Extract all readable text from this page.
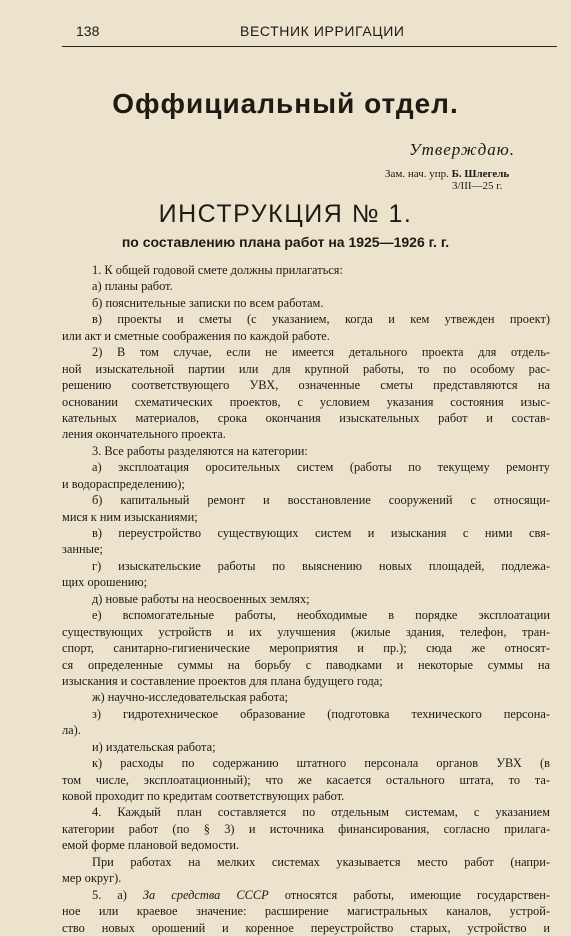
138	ВЕСТНИК ИРРИГАЦИИ
Оффициальный отдел.
Утверждаю.
Зам. нач. упр. Б. Шлегель
3/III—25 г.
ИНСТРУКЦИЯ № 1.
по составлению плана работ на 1925—1926 г. г.
1. К общей годовой смете должны прилагаться:
а) планы работ.
б) пояснительные записки по всем работам.
в) проекты и сметы (с указанием, когда и кем утвежден проект)
или акт и сметные соображения по каждой работе.
2) В том случае, если не имеется детального проекта для отдель-
ной изыскательной партии или для крупной работы, то по особому рас-
решению соответствующего УВХ, означенные сметы представляются на
основании схематических проектов, с условием указания состояния изыс-
кательных материалов, срока окончания изыскательных работ и состав-
ления окончательного проекта.
3. Все работы разделяются на категории:
а) эксплоатация оросительных систем (работы по текущему ремонту
и водораспределению);
б) капитальный ремонт и восстановление сооружений с относящи-
мися к ним изысканиями;
в) переустройство существующих систем и изыскания с ними свя-
занные;
г) изыскательские работы по выяснению новых площадей, подлежа-
щих орошению;
д) новые работы на неосвоенных землях;
е) вспомогательные работы, необходимые в порядке эксплоатации
существующих устройств и их улучшения (жилые здания, телефон, тран-
спорт, санитарно-гигиенические мероприятия и пр.); сюда же относят-
ся определенные суммы на борьбу с паводками и некоторые суммы на
изыскания и составление проектов для плана будущего года;
ж) научно-исследовательская работа;
з) гидротехническое образование (подготовка технического персона-
ла).
и) издательская работа;
к) расходы по содержанию штатного персонала органов УВХ (в
том числе, эксплоатационный); что же касается остального штата, то та-
ковой проходит по кредитам соответствующих работ.
4. Каждый план составляется по отдельным системам, с указанием
категории работ (по § 3) и источника финансирования, согласно прилага-
емой форме плановой ведомости.
При работах на мелких системах указывается место работ (напри-
мер округ).
5. а) За средства СССР относятся работы, имеющие государствен-
ное или краевое значение: расширение магистральных каналов, устрой-
ство новых орошений и коренное переустройство старых, устройство и
